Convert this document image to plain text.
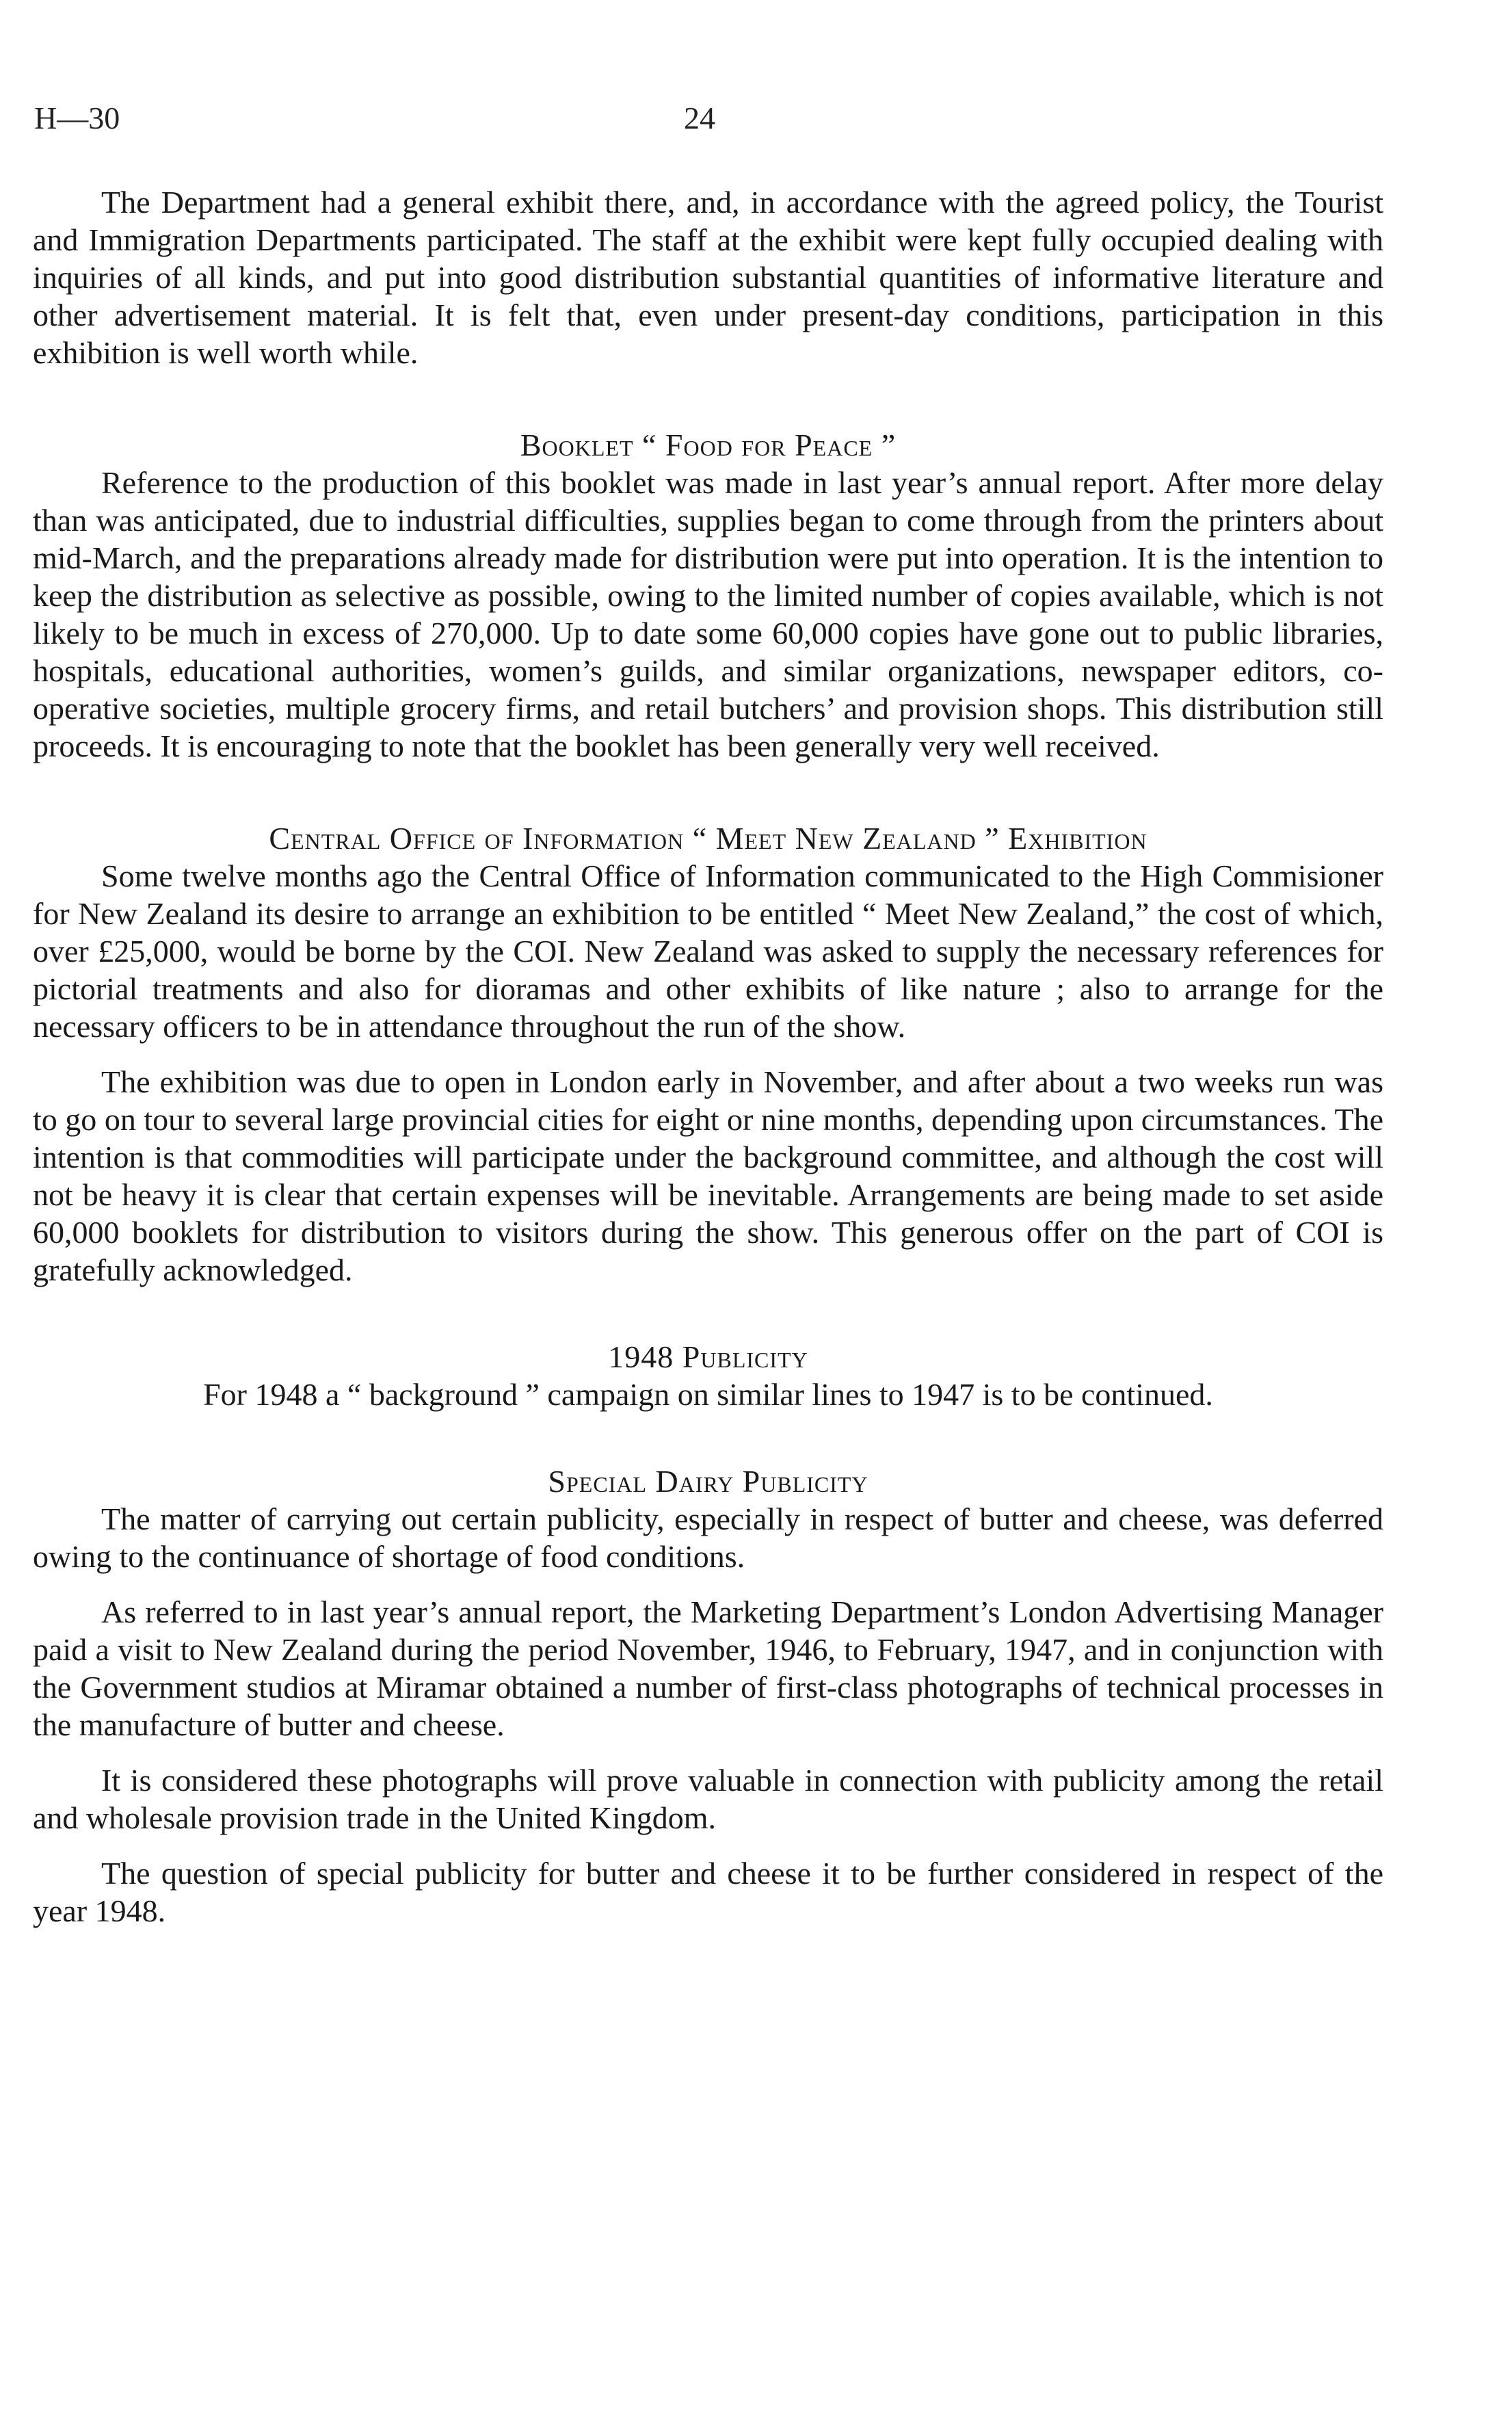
H—30	24

The Department had a general exhibit there, and, in accordance with the agreed policy, the Tourist and Immigration Departments participated. The staff at the exhibit were kept fully occupied dealing with inquiries of all kinds, and put into good distribution substantial quantities of informative literature and other advertisement material. It is felt that, even under present-day conditions, participation in this exhibition is well worth while.

Booklet “ Food for Peace ”

Reference to the production of this booklet was made in last year’s annual report. After more delay than was anticipated, due to industrial difficulties, supplies began to come through from the printers about mid-March, and the preparations already made for distribution were put into operation. It is the intention to keep the distribution as selective as possible, owing to the limited number of copies available, which is not likely to be much in excess of 270,000. Up to date some 60,000 copies have gone out to public libraries, hospitals, educational authorities, women’s guilds, and similar organizations, newspaper editors, co-operative societies, multiple grocery firms, and retail butchers’ and provision shops. This distribution still proceeds. It is encouraging to note that the booklet has been generally very well received.

Central Office of Information “ Meet New Zealand ” Exhibition

Some twelve months ago the Central Office of Information communicated to the High Commisioner for New Zealand its desire to arrange an exhibition to be entitled “ Meet New Zealand,” the cost of which, over £25,000, would be borne by the COI. New Zealand was asked to supply the necessary references for pictorial treatments and also for dioramas and other exhibits of like nature ; also to arrange for the necessary officers to be in attendance throughout the run of the show.

The exhibition was due to open in London early in November, and after about a two weeks run was to go on tour to several large provincial cities for eight or nine months, depending upon circumstances. The intention is that commodities will participate under the background committee, and although the cost will not be heavy it is clear that certain expenses will be inevitable. Arrangements are being made to set aside 60,000 booklets for distribution to visitors during the show. This generous offer on the part of COI is gratefully acknowledged.

1948 Publicity
For 1948 a “ background ” campaign on similar lines to 1947 is to be continued.
Special Dairy Publicity

The matter of carrying out certain publicity, especially in respect of butter and cheese, was deferred owing to the continuance of shortage of food conditions.

As referred to in last year’s annual report, the Marketing Department’s London Advertising Manager paid a visit to New Zealand during the period November, 1946, to February, 1947, and in conjunction with the Government studios at Miramar obtained a number of first-class photographs of technical processes in the manufacture of butter and cheese.

It is considered these photographs will prove valuable in connection with publicity among the retail and wholesale provision trade in the United Kingdom.

The question of special publicity for butter and cheese it to be further considered in respect of the year 1948.
